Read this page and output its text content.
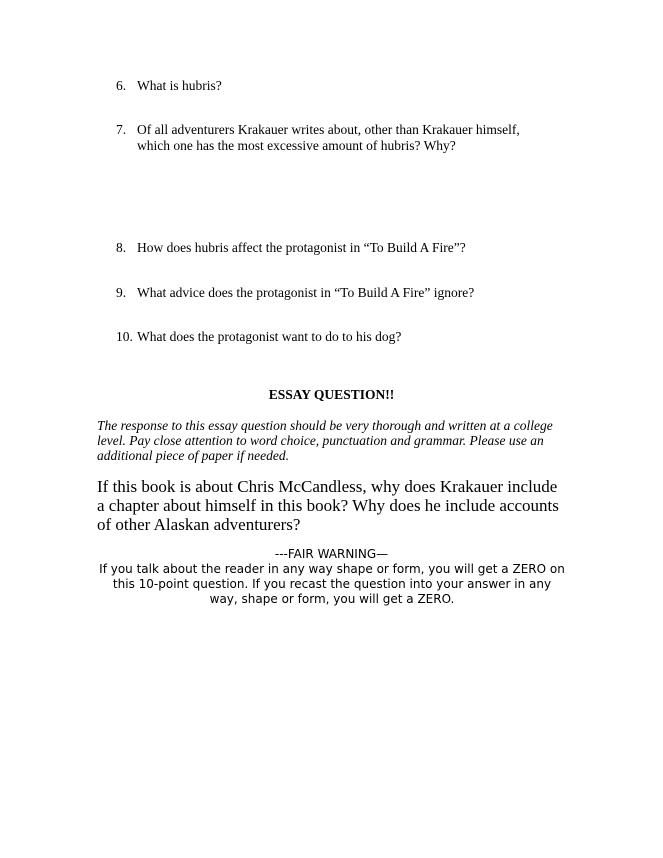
6. What is hubris?
7. Of all adventurers Krakauer writes about, other than Krakauer himself, which one has the most excessive amount of hubris? Why?
8. How does hubris affect the protagonist in “To Build A Fire”?
9. What advice does the protagonist in “To Build A Fire” ignore?
10. What does the protagonist want to do to his dog?
ESSAY QUESTION!!
The response to this essay question should be very thorough and written at a college level. Pay close attention to word choice, punctuation and grammar. Please use an additional piece of paper if needed.
If this book is about Chris McCandless, why does Krakauer include a chapter about himself in this book? Why does he include accounts of other Alaskan adventurers?
---FAIR WARNING—
If you talk about the reader in any way shape or form, you will get a ZERO on this 10-point question. If you recast the question into your answer in any way, shape or form, you will get a ZERO.
